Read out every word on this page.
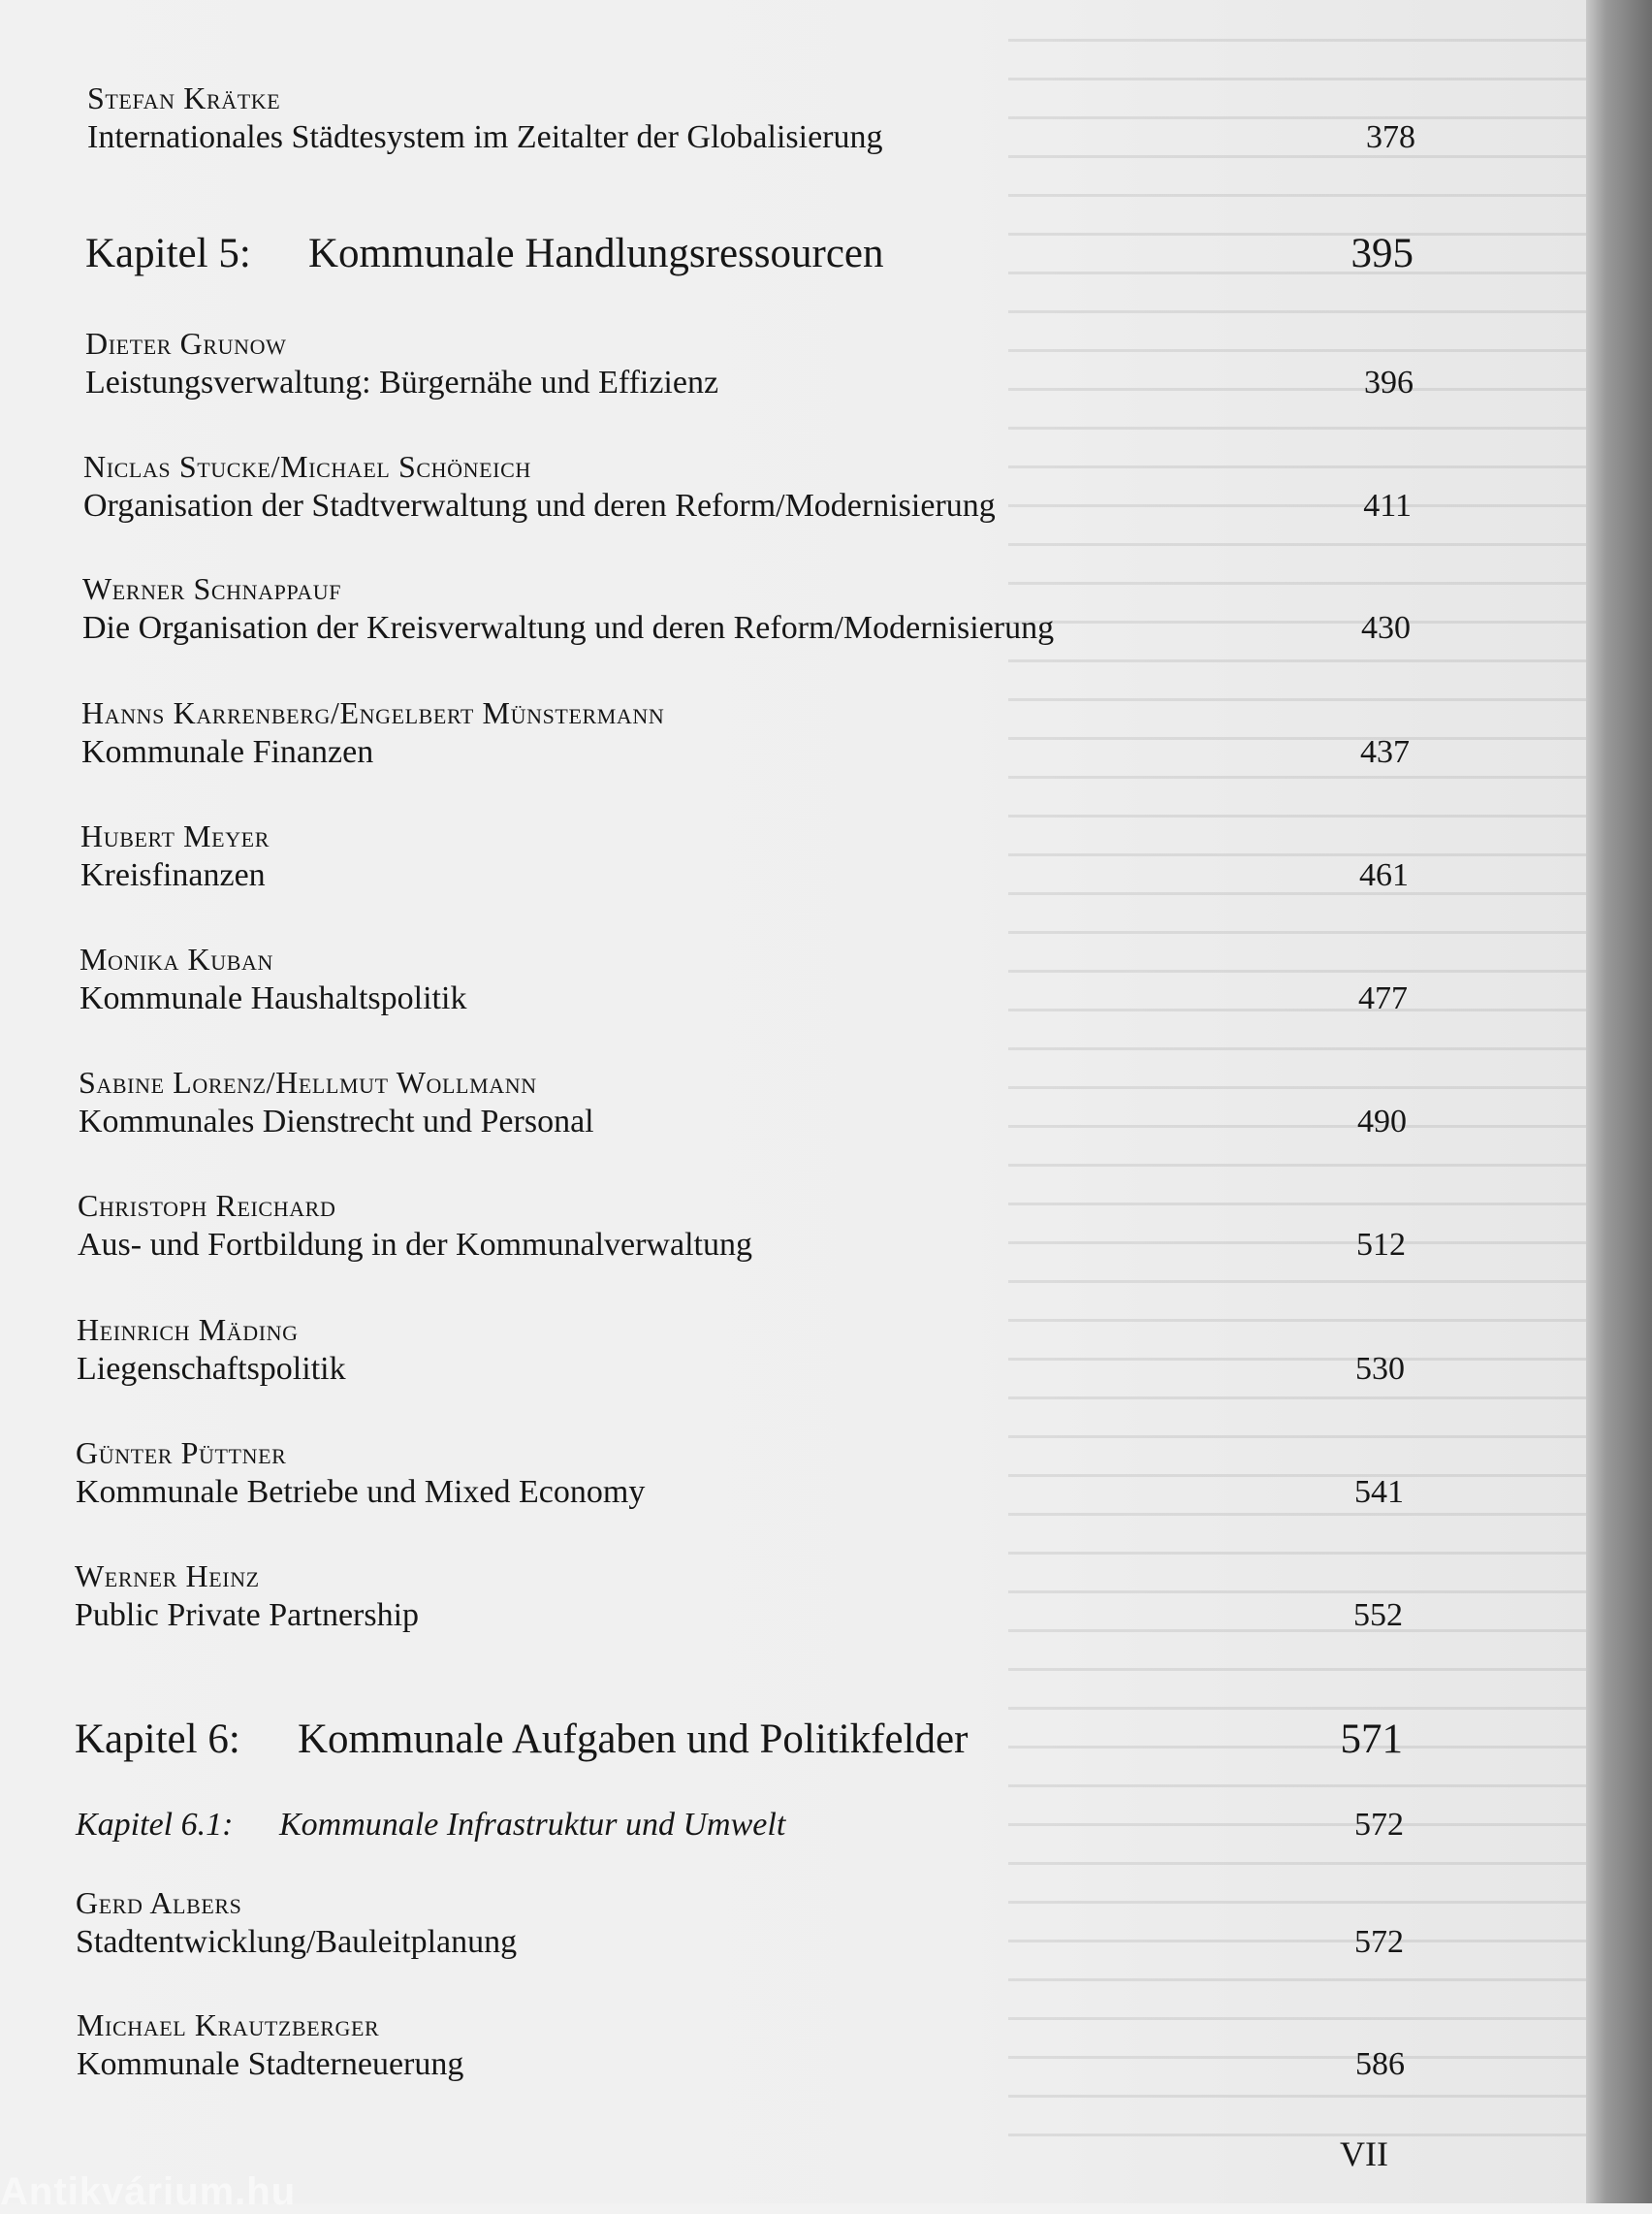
Stefan Krätke
Internationales Städtesystem im Zeitalter der Globalisierung	378
Kapitel 5: Kommunale Handlungsressourcen	395
Dieter Grunow
Leistungsverwaltung: Bürgernähe und Effizienz	396
Niclas Stucke/Michael Schöneich
Organisation der Stadtverwaltung und deren Reform/Modernisierung	411
Werner Schnappauf
Die Organisation der Kreisverwaltung und deren Reform/Modernisierung	430
Hanns Karrenberg/Engelbert Münstermann
Kommunale Finanzen	437
Hubert Meyer
Kreisfinanzen	461
Monika Kuban
Kommunale Haushaltspolitik	477
Sabine Lorenz/Hellmut Wollmann
Kommunales Dienstrecht und Personal	490
Christoph Reichard
Aus- und Fortbildung in der Kommunalverwaltung	512
Heinrich Mäding
Liegenschaftspolitik	530
Günter Püttner
Kommunale Betriebe und Mixed Economy	541
Werner Heinz
Public Private Partnership	552
Kapitel 6: Kommunale Aufgaben und Politikfelder	571
Kapitel 6.1: Kommunale Infrastruktur und Umwelt	572
Gerd Albers
Stadtentwicklung/Bauleitplanung	572
Michael Krautzberger
Kommunale Stadterneuerung	586
VII
Antikvárium.hu
